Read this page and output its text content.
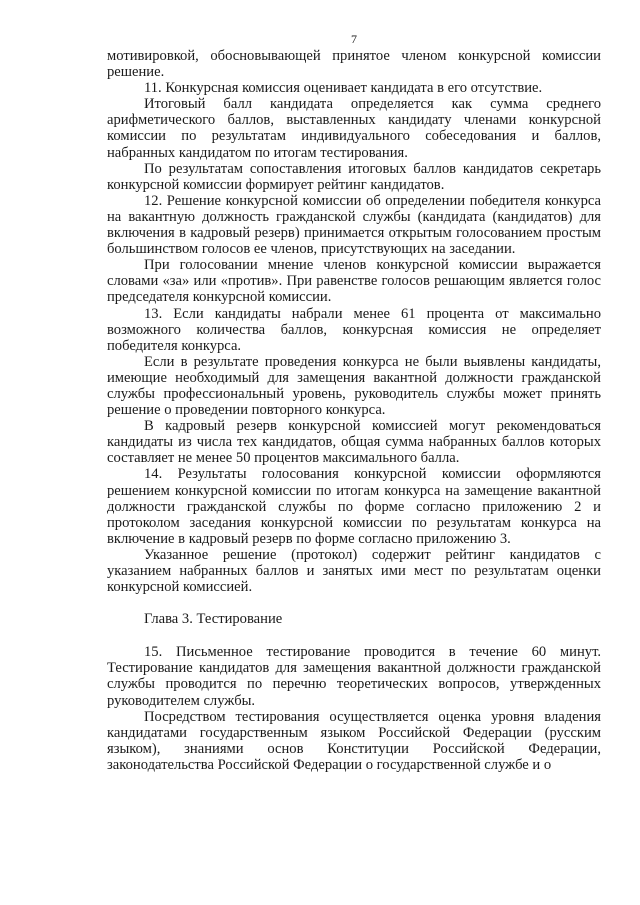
7

мотивировкой, обосновывающей принятое членом конкурсной комиссии решение.

11. Конкурсная комиссия оценивает кандидата в его отсутствие.

Итоговый балл кандидата определяется как сумма среднего арифметического баллов, выставленных кандидату членами конкурсной комиссии по результатам индивидуального собеседования и баллов, набранных кандидатом по итогам тестирования.

По результатам сопоставления итоговых баллов кандидатов секретарь конкурсной комиссии формирует рейтинг кандидатов.

12. Решение конкурсной комиссии об определении победителя конкурса на вакантную должность гражданской службы (кандидата (кандидатов) для включения в кадровый резерв) принимается открытым голосованием простым большинством голосов ее членов, присутствующих на заседании.

При голосовании мнение членов конкурсной комиссии выражается словами «за» или «против». При равенстве голосов решающим является голос председателя конкурсной комиссии.

13. Если кандидаты набрали менее 61 процента от максимально возможного количества баллов, конкурсная комиссия не определяет победителя конкурса.

Если в результате проведения конкурса не были выявлены кандидаты, имеющие необходимый для замещения вакантной должности гражданской службы профессиональный уровень, руководитель службы может принять решение о проведении повторного конкурса.

В кадровый резерв конкурсной комиссией могут рекомендоваться кандидаты из числа тех кандидатов, общая сумма набранных баллов которых составляет не менее 50 процентов максимального балла.

14. Результаты голосования конкурсной комиссии оформляются решением конкурсной комиссии по итогам конкурса на замещение вакантной должности гражданской службы по форме согласно приложению 2 и протоколом заседания конкурсной комиссии по результатам конкурса на включение в кадровый резерв по форме согласно приложению 3.

Указанное решение (протокол) содержит рейтинг кандидатов с указанием набранных баллов и занятых ими мест по результатам оценки конкурсной комиссией.

Глава 3. Тестирование

15. Письменное тестирование проводится в течение 60 минут. Тестирование кандидатов для замещения вакантной должности гражданской службы проводится по перечню теоретических вопросов, утвержденных руководителем службы.

Посредством тестирования осуществляется оценка уровня владения кандидатами государственным языком Российской Федерации (русским языком), знаниями основ Конституции Российской Федерации, законодательства Российской Федерации о государственной службе и о
